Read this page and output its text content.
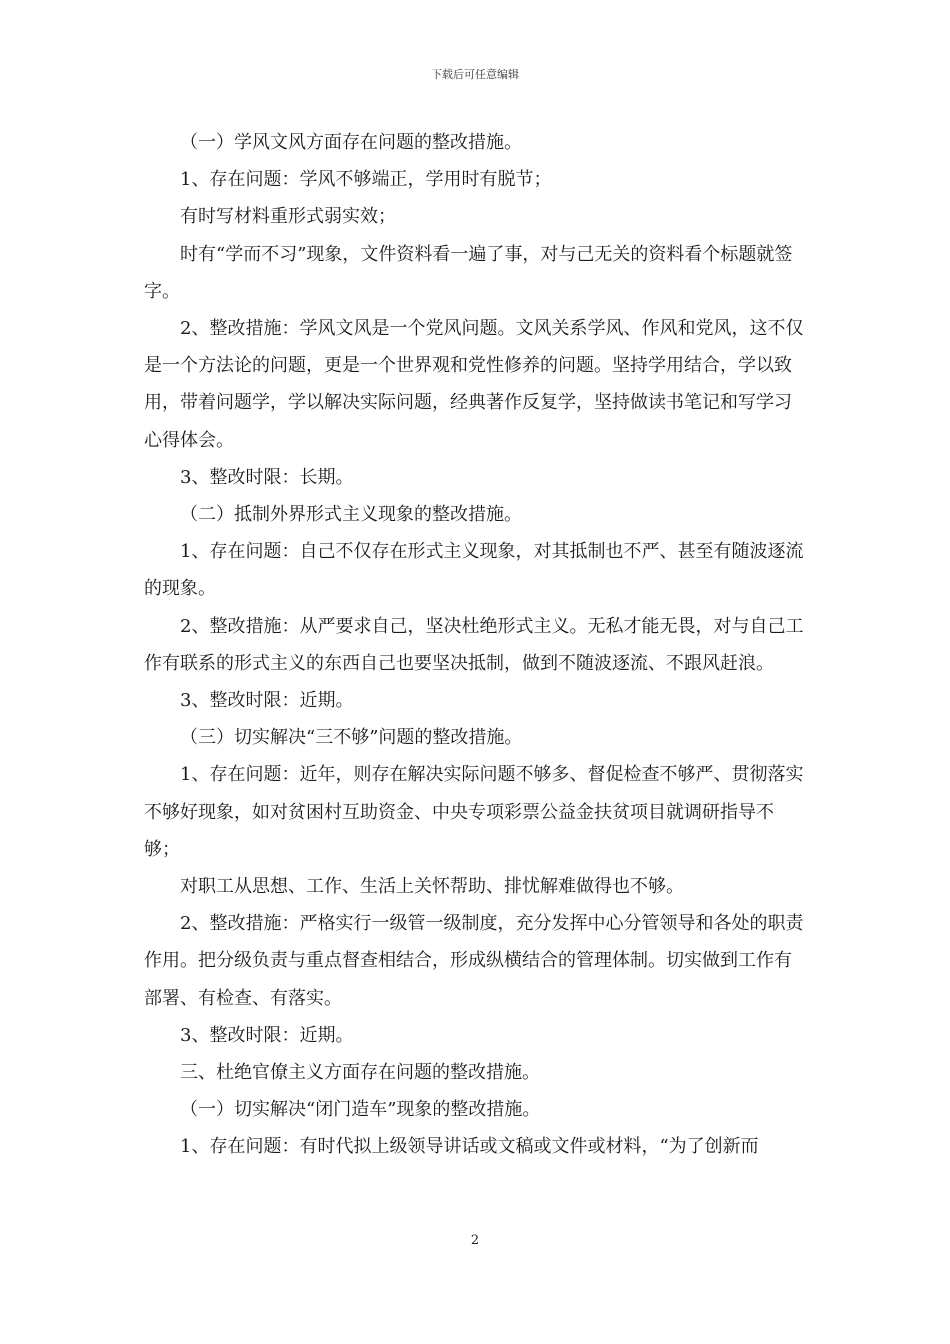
下载后可任意编辑

（一）学风文风方面存在问题的整改措施。

1、存在问题：学风不够端正，学用时有脱节；

有时写材料重形式弱实效；

时有“学而不习”现象，文件资料看一遍了事，对与己无关的资料看个标题就签字。

2、整改措施：学风文风是一个党风问题。文风关系学风、作风和党风，这不仅是一个方法论的问题，更是一个世界观和党性修养的问题。坚持学用结合，学以致用，带着问题学，学以解决实际问题，经典著作反复学，坚持做读书笔记和写学习心得体会。

3、整改时限：长期。

（二）抵制外界形式主义现象的整改措施。

1、存在问题：自己不仅存在形式主义现象，对其抵制也不严、甚至有随波逐流的现象。

2、整改措施：从严要求自己，坚决杜绝形式主义。无私才能无畏，对与自己工作有联系的形式主义的东西自己也要坚决抵制，做到不随波逐流、不跟风赶浪。

3、整改时限：近期。

（三）切实解决“三不够”问题的整改措施。

1、存在问题：近年，则存在解决实际问题不够多、督促检查不够严、贯彻落实不够好现象，如对贫困村互助资金、中央专项彩票公益金扶贫项目就调研指导不够；

对职工从思想、工作、生活上关怀帮助、排忧解难做得也不够。

2、整改措施：严格实行一级管一级制度，充分发挥中心分管领导和各处的职责作用。把分级负责与重点督查相结合，形成纵横结合的管理体制。切实做到工作有部署、有检查、有落实。

3、整改时限：近期。

三、杜绝官僚主义方面存在问题的整改措施。

（一）切实解决“闭门造车”现象的整改措施。

1、存在问题：有时代拟上级领导讲话或文稿或文件或材料，“为了创新而

2
